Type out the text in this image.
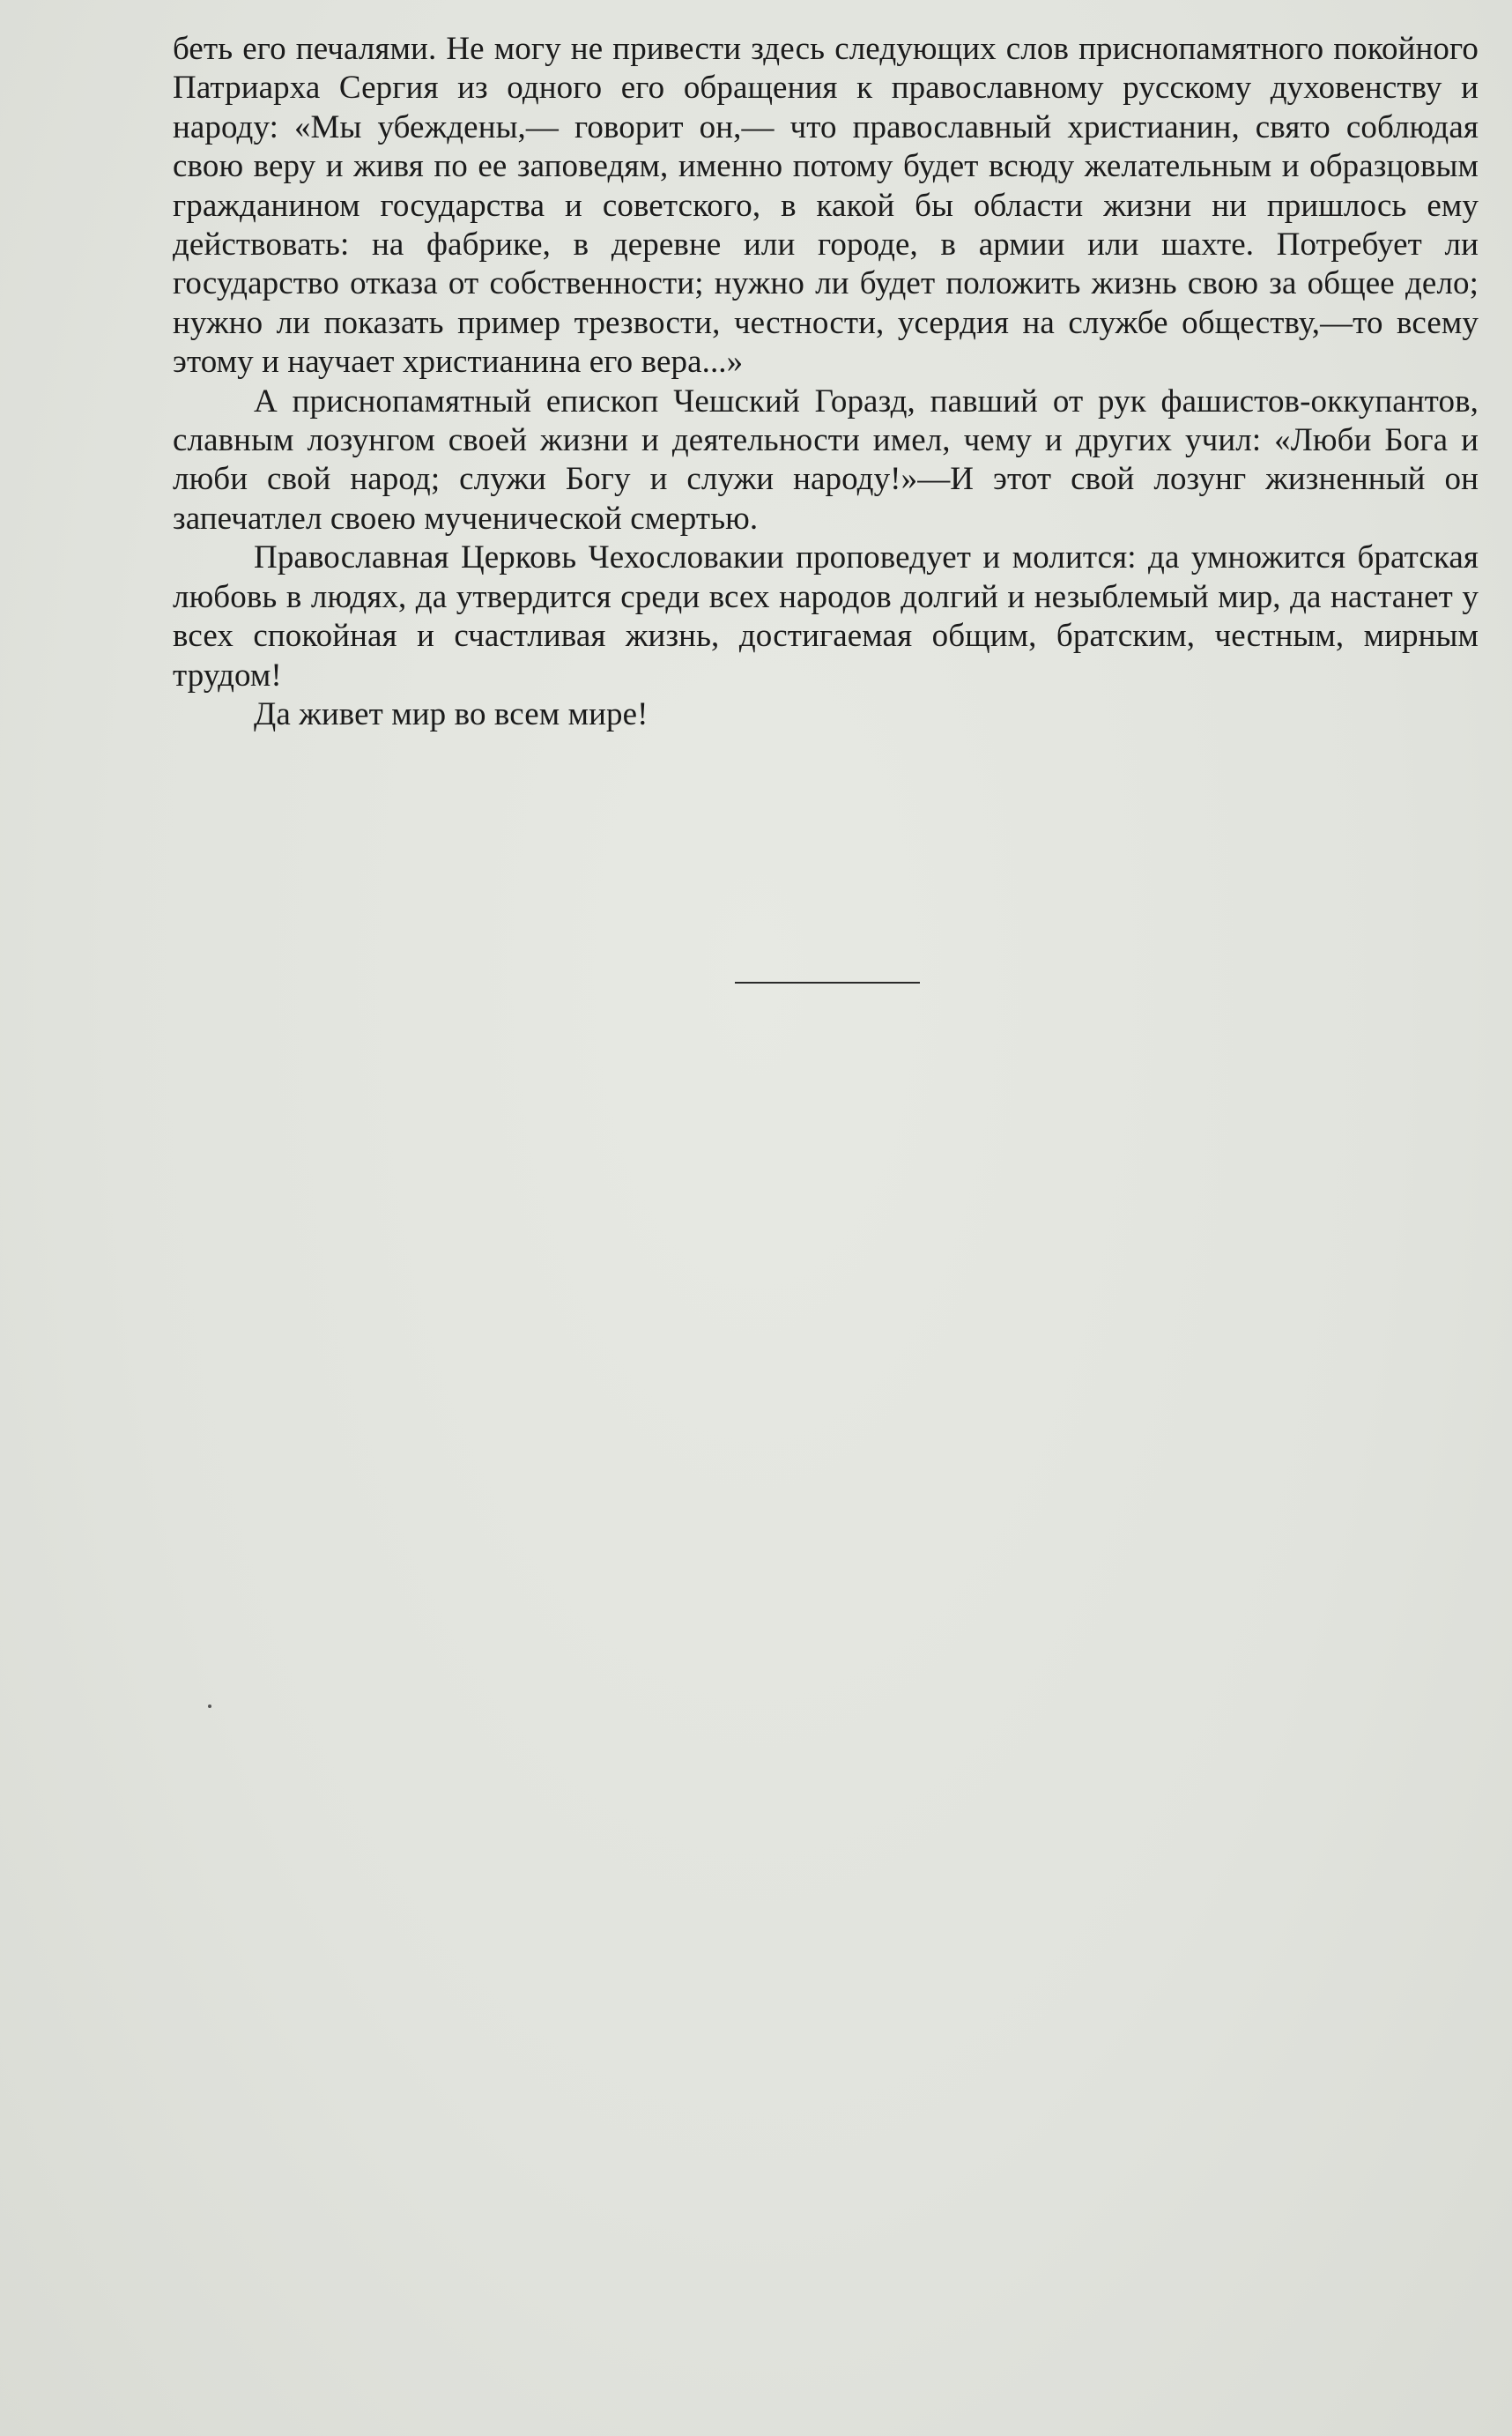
беть его печалями. Не могу не привести здесь следующих слов приснопамятного покойного Патриарха Сергия из одного его обращения к православному русскому духовенству и народу: «Мы убеждены,— говорит он,— что православный христианин, свято соблюдая свою веру и живя по ее заповедям, именно потому будет всюду желательным и образцовым гражданином государства и советского, в какой бы области жизни ни пришлось ему действовать: на фабрике, в деревне или городе, в армии или шахте. Потребует ли государство отказа от собственности; нужно ли будет положить жизнь свою за общее дело; нужно ли показать пример трезвости, честности, усердия на службе обществу,—то всему этому и научает христианина его вера...»

А приснопамятный епископ Чешский Горазд, павший от рук фашистов-оккупантов, славным лозунгом своей жизни и деятельности имел, чему и других учил: «Люби Бога и люби свой народ; служи Богу и служи народу!»—И этот свой лозунг жизненный он запечатлел своею мученической смертью.

Православная Церковь Чехословакии проповедует и молится: да умножится братская любовь в людях, да утвердится среди всех народов долгий и незыблемый мир, да настанет у всех спокойная и счастливая жизнь, достигаемая общим, братским, честным, мирным трудом!

Да живет мир во всем мире!
